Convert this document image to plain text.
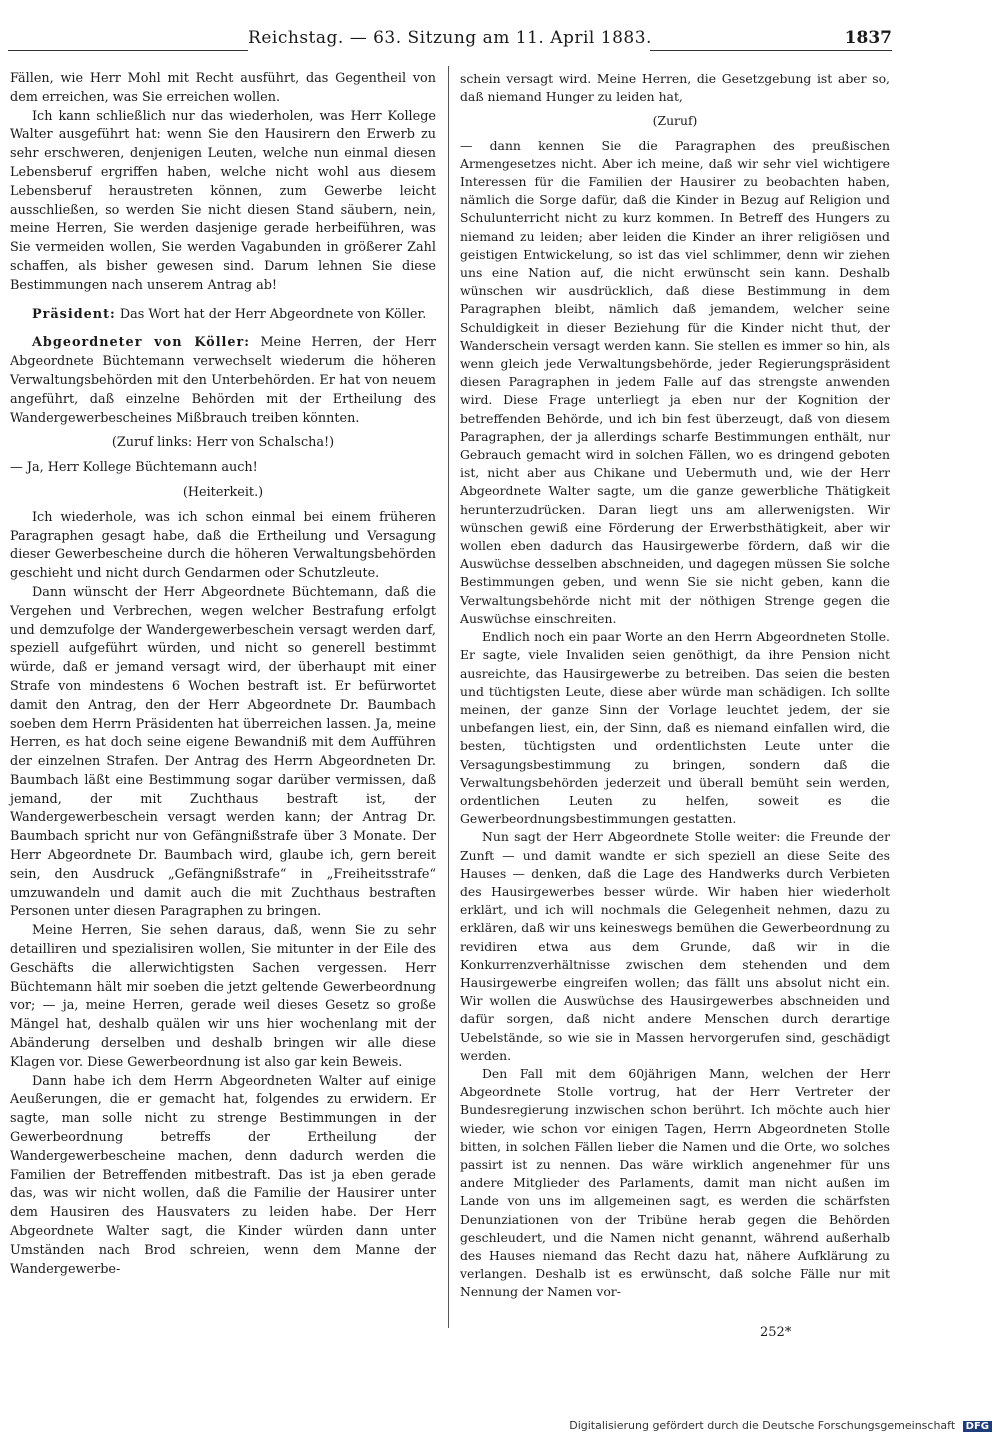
Reichstag. — 63. Sitzung am 11. April 1883.	1837

Fällen, wie Herr Mohl mit Recht ausführt, das Gegentheil von dem erreichen, was Sie erreichen wollen.

Ich kann schließlich nur das wiederholen, was Herr Kollege Walter ausgeführt hat: wenn Sie den Hausirern den Erwerb zu sehr erschweren, denjenigen Leuten, welche nun einmal diesen Lebensberuf ergriffen haben, welche nicht wohl aus diesem Lebensberuf heraustreten können, zum Gewerbe leicht ausschließen, so werden Sie nicht diesen Stand säubern, nein, meine Herren, Sie werden dasjenige gerade herbeiführen, was Sie vermeiden wollen, Sie werden Vagabunden in größerer Zahl schaffen, als bisher gewesen sind. Darum lehnen Sie diese Bestimmungen nach unserem Antrag ab!

Präsident: Das Wort hat der Herr Abgeordnete von Köller.

Abgeordneter von Köller: Meine Herren, der Herr Abgeordnete Büchtemann verwechselt wiederum die höheren Verwaltungsbehörden mit den Unterbehörden. Er hat von neuem angeführt, daß einzelne Behörden mit der Ertheilung des Wandergewerbescheines Mißbrauch treiben könnten.

(Zuruf links: Herr von Schalscha!)

— Ja, Herr Kollege Büchtemann auch!

(Heiterkeit.)

Ich wiederhole, was ich schon einmal bei einem früheren Paragraphen gesagt habe, daß die Ertheilung und Versagung dieser Gewerbescheine durch die höheren Verwaltungsbehörden geschieht und nicht durch Gendarmen oder Schutzleute.

Dann wünscht der Herr Abgeordnete Büchtemann, daß die Vergehen und Verbrechen, wegen welcher Bestrafung erfolgt und demzufolge der Wandergewerbeschein versagt werden darf, speziell aufgeführt würden, und nicht so generell bestimmt würde, daß er jemand versagt wird, der überhaupt mit einer Strafe von mindestens 6 Wochen bestraft ist. Er befürwortet damit den Antrag, den der Herr Abgeordnete Dr. Baumbach soeben dem Herrn Präsidenten hat überreichen lassen. Ja, meine Herren, es hat doch seine eigene Bewandniß mit dem Aufführen der einzelnen Strafen. Der Antrag des Herrn Abgeordneten Dr. Baumbach läßt eine Bestimmung sogar darüber vermissen, daß jemand, der mit Zuchthaus bestraft ist, der Wandergewerbeschein versagt werden kann; der Antrag Dr. Baumbach spricht nur von Gefängnißstrafe über 3 Monate. Der Herr Abgeordnete Dr. Baumbach wird, glaube ich, gern bereit sein, den Ausdruck „Gefängnißstrafe“ in „Freiheitsstrafe“ umzuwandeln und damit auch die mit Zuchthaus bestraften Personen unter diesen Paragraphen zu bringen.

Meine Herren, Sie sehen daraus, daß, wenn Sie zu sehr detailliren und spezialisiren wollen, Sie mitunter in der Eile des Geschäfts die allerwichtigsten Sachen vergessen. Herr Büchtemann hält mir soeben die jetzt geltende Gewerbeordnung vor; — ja, meine Herren, gerade weil dieses Gesetz so große Mängel hat, deshalb quälen wir uns hier wochenlang mit der Abänderung derselben und deshalb bringen wir alle diese Klagen vor. Diese Gewerbeordnung ist also gar kein Beweis.

Dann habe ich dem Herrn Abgeordneten Walter auf einige Aeußerungen, die er gemacht hat, folgendes zu erwidern. Er sagte, man solle nicht zu strenge Bestimmungen in der Gewerbeordnung betreffs der Ertheilung der Wandergewerbescheine machen, denn dadurch werden die Familien der Betreffenden mitbestraft. Das ist ja eben gerade das, was wir nicht wollen, daß die Familie der Hausirer unter dem Hausiren des Hausvaters zu leiden habe. Der Herr Abgeordnete Walter sagt, die Kinder würden dann unter Umständen nach Brod schreien, wenn dem Manne der Wandergewerbe-

schein versagt wird. Meine Herren, die Gesetzgebung ist aber so, daß niemand Hunger zu leiden hat,

(Zuruf)

— dann kennen Sie die Paragraphen des preußischen Armengesetzes nicht. Aber ich meine, daß wir sehr viel wichtigere Interessen für die Familien der Hausirer zu beobachten haben, nämlich die Sorge dafür, daß die Kinder in Bezug auf Religion und Schulunterricht nicht zu kurz kommen. In Betreff des Hungers zu niemand zu leiden; aber leiden die Kinder an ihrer religiösen und geistigen Entwickelung, so ist das viel schlimmer, denn wir ziehen uns eine Nation auf, die nicht erwünscht sein kann. Deshalb wünschen wir ausdrücklich, daß diese Bestimmung in dem Paragraphen bleibt, nämlich daß jemandem, welcher seine Schuldigkeit in dieser Beziehung für die Kinder nicht thut, der Wanderschein versagt werden kann. Sie stellen es immer so hin, als wenn gleich jede Verwaltungsbehörde, jeder Regierungspräsident diesen Paragraphen in jedem Falle auf das strengste anwenden wird. Diese Frage unterliegt ja eben nur der Kognition der betreffenden Behörde, und ich bin fest überzeugt, daß von diesem Paragraphen, der ja allerdings scharfe Bestimmungen enthält, nur Gebrauch gemacht wird in solchen Fällen, wo es dringend geboten ist, nicht aber aus Chikane und Uebermuth und, wie der Herr Abgeordnete Walter sagte, um die ganze gewerbliche Thätigkeit herunterzudrücken. Daran liegt uns am allerwenigsten. Wir wünschen gewiß eine Förderung der Erwerbsthätigkeit, aber wir wollen eben dadurch das Hausirgewerbe fördern, daß wir die Auswüchse desselben abschneiden, und dagegen müssen Sie solche Bestimmungen geben, und wenn Sie sie nicht geben, kann die Verwaltungsbehörde nicht mit der nöthigen Strenge gegen die Auswüchse einschreiten.

Endlich noch ein paar Worte an den Herrn Abgeordneten Stolle. Er sagte, viele Invaliden seien genöthigt, da ihre Pension nicht ausreichte, das Hausirgewerbe zu betreiben. Das seien die besten und tüchtigsten Leute, diese aber würde man schädigen. Ich sollte meinen, der ganze Sinn der Vorlage leuchtet jedem, der sie unbefangen liest, ein, der Sinn, daß es niemand einfallen wird, die besten, tüchtigsten und ordentlichsten Leute unter die Versagungsbestimmung zu bringen, sondern daß die Verwaltungsbehörden jederzeit und überall bemüht sein werden, ordentlichen Leuten zu helfen, soweit es die Gewerbeordnungsbestimmungen gestatten.

Nun sagt der Herr Abgeordnete Stolle weiter: die Freunde der Zunft — und damit wandte er sich speziell an diese Seite des Hauses — denken, daß die Lage des Handwerks durch Verbieten des Hausirgewerbes besser würde. Wir haben hier wiederholt erklärt, und ich will nochmals die Gelegenheit nehmen, dazu zu erklären, daß wir uns keineswegs bemühen die Gewerbeordnung zu revidiren etwa aus dem Grunde, daß wir in die Konkurrenzverhältnisse zwischen dem stehenden und dem Hausirgewerbe eingreifen wollen; das fällt uns absolut nicht ein. Wir wollen die Auswüchse des Hausirgewerbes abschneiden und dafür sorgen, daß nicht andere Menschen durch derartige Uebelstände, so wie sie in Massen hervorgerufen sind, geschädigt werden.

Den Fall mit dem 60jährigen Mann, welchen der Herr Abgeordnete Stolle vortrug, hat der Herr Vertreter der Bundesregierung inzwischen schon berührt. Ich möchte auch hier wieder, wie schon vor einigen Tagen, Herrn Abgeordneten Stolle bitten, in solchen Fällen lieber die Namen und die Orte, wo solches passirt ist zu nennen. Das wäre wirklich angenehmer für uns andere Mitglieder des Parlaments, damit man nicht außen im Lande von uns im allgemeinen sagt, es werden die schärfsten Denunziationen von der Tribüne herab gegen die Behörden geschleudert, und die Namen nicht genannt, während außerhalb des Hauses niemand das Recht dazu hat, nähere Aufklärung zu verlangen. Deshalb ist es erwünscht, daß solche Fälle nur mit Nennung der Namen vor-

252*
Digitalisierung gefördert durch die Deutsche Forschungsgemeinschaft DFG
